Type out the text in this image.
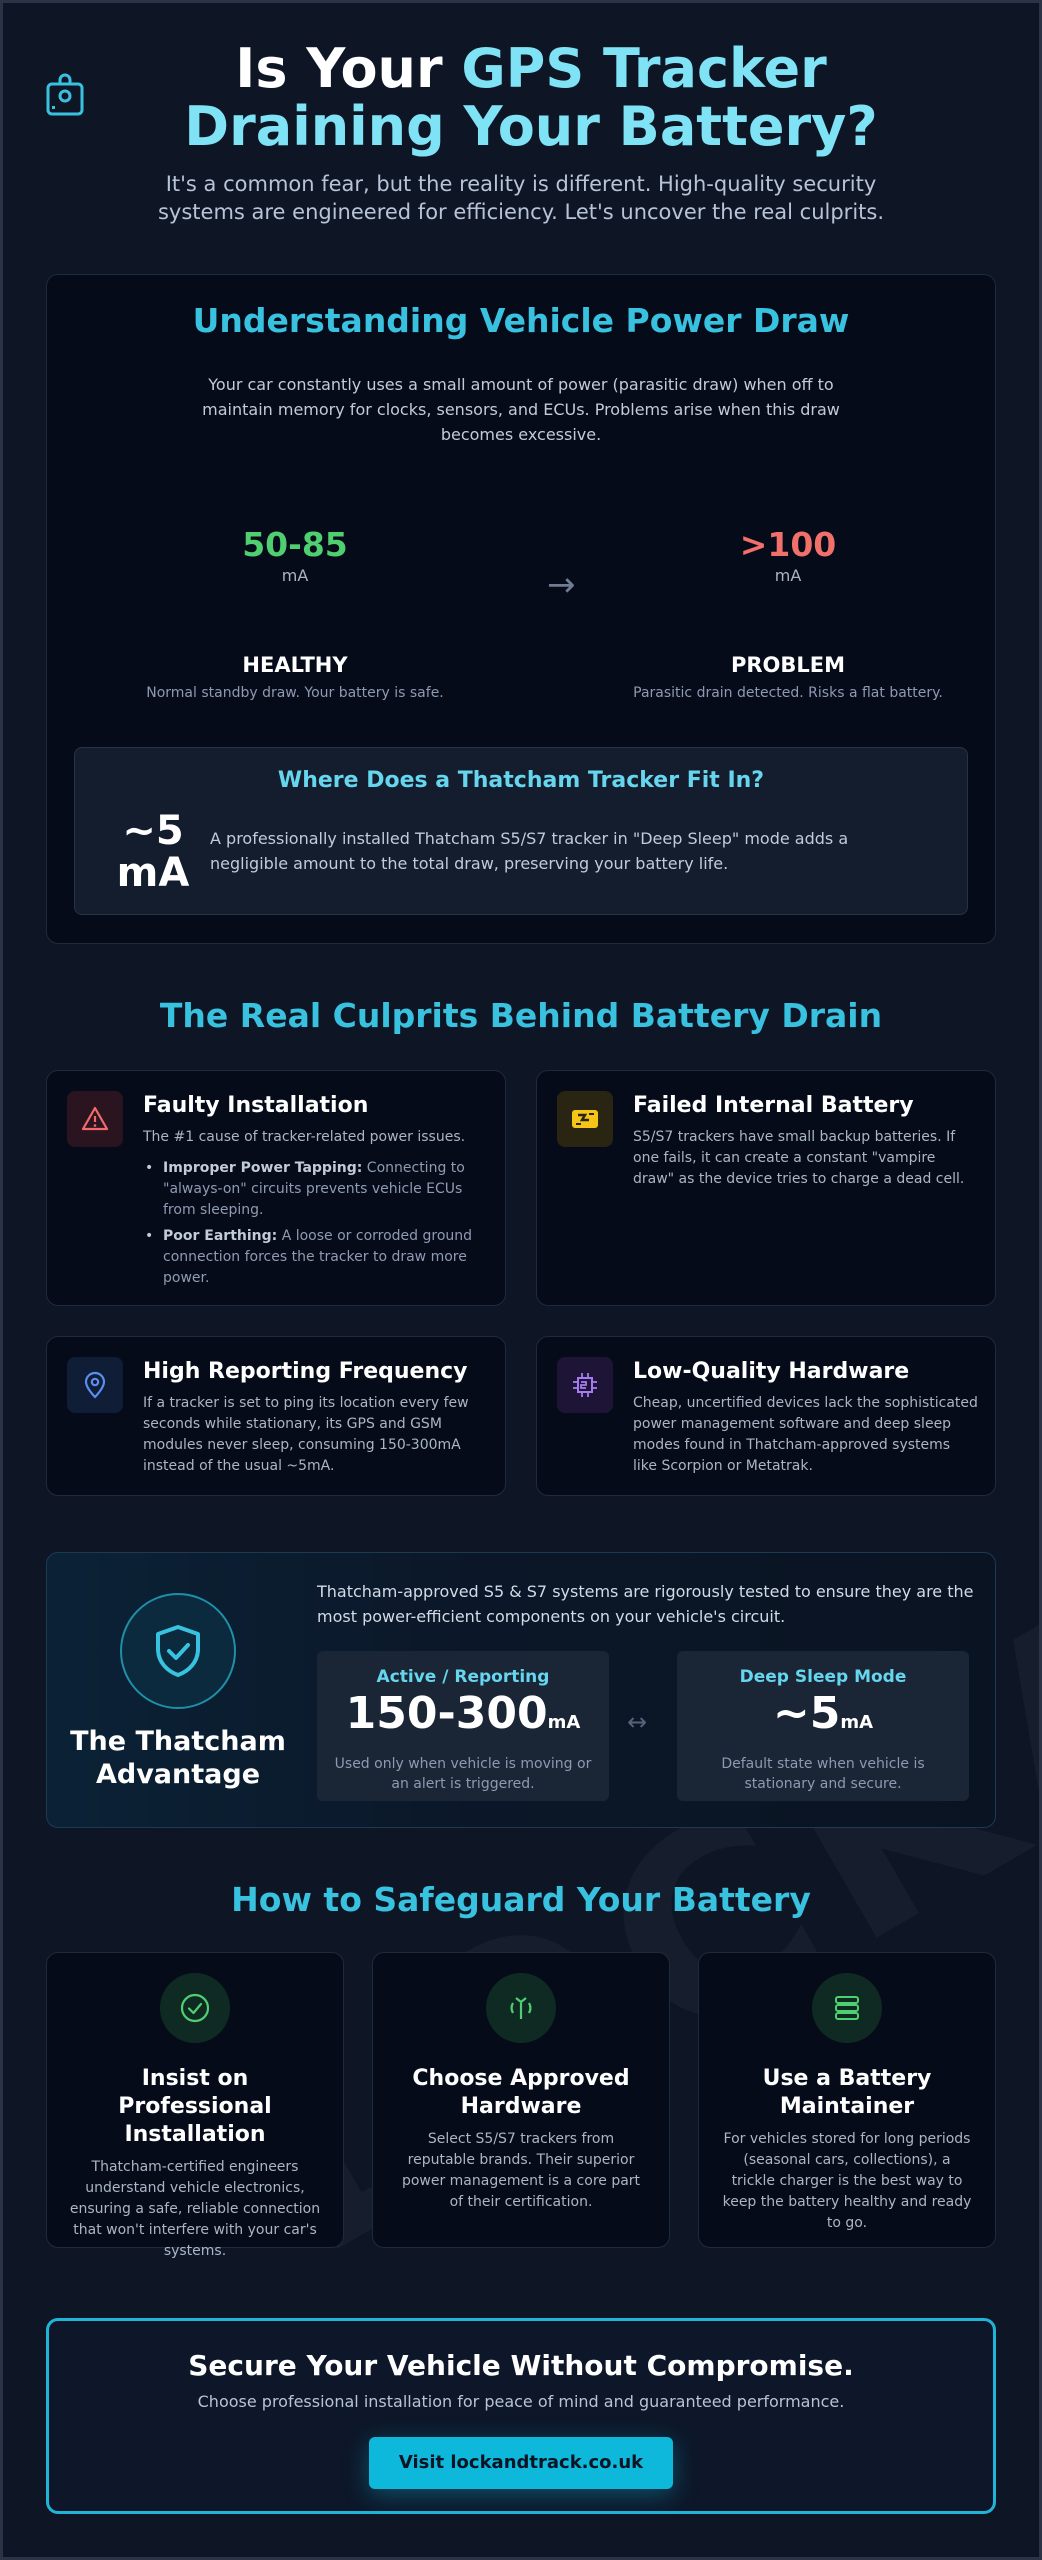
Is Your GPS Tracker Draining Your Battery?

It's a common fear, but the reality is different. High-quality security systems are engineered for efficiency. Let's uncover the real culprits.

Understanding Vehicle Power Draw
Your car constantly uses a small amount of power (parasitic draw) when off to maintain memory for clocks, sensors, and ECUs. Problems arise when this draw becomes excessive.
50-85
mA
HEALTHY
Normal standby draw. Your battery is safe.
→
>100
mA
PROBLEM
Parasitic drain detected. Risks a flat battery.
Where Does a Thatcham Tracker Fit In?
~5
mA
A professionally installed Thatcham S5/S7 tracker in "Deep Sleep" mode adds a negligible amount to the total draw, preserving your battery life.
The Real Culprits Behind Battery Drain
Faulty Installation
The #1 cause of tracker-related power issues.
• Improper Power Tapping: Connecting to "always-on" circuits prevents vehicle ECUs from sleeping.
• Poor Earthing: A loose or corroded ground connection forces the tracker to draw more power.
Failed Internal Battery
S5/S7 trackers have small backup batteries. If one fails, it can create a constant "vampire draw" as the device tries to charge a dead cell.
High Reporting Frequency
If a tracker is set to ping its location every few seconds while stationary, its GPS and GSM modules never sleep, consuming 150-300mA instead of the usual ~5mA.
Low-Quality Hardware
Cheap, uncertified devices lack the sophisticated power management software and deep sleep modes found in Thatcham-approved systems like Scorpion or Metatrak.
The Thatcham Advantage
Thatcham-approved S5 & S7 systems are rigorously tested to ensure they are the most power-efficient components on your vehicle's circuit.
Active / Reporting
150-300mA
Used only when vehicle is moving or an alert is triggered.
↔
Deep Sleep Mode
~5mA
Default state when vehicle is stationary and secure.
How to Safeguard Your Battery
Insist on Professional Installation

Thatcham-certified engineers understand vehicle electronics, ensuring a safe, reliable connection that won't interfere with your car's systems.

Choose Approved Hardware

Select S5/S7 trackers from reputable brands. Their superior power management is a core part of their certification.

Use a Battery Maintainer

For vehicles stored for long periods (seasonal cars, collections), a trickle charger is the best way to keep the battery healthy and ready to go.

Secure Your Vehicle Without Compromise.

Choose professional installation for peace of mind and guaranteed performance.

Visit lockandtrack.co.uk
